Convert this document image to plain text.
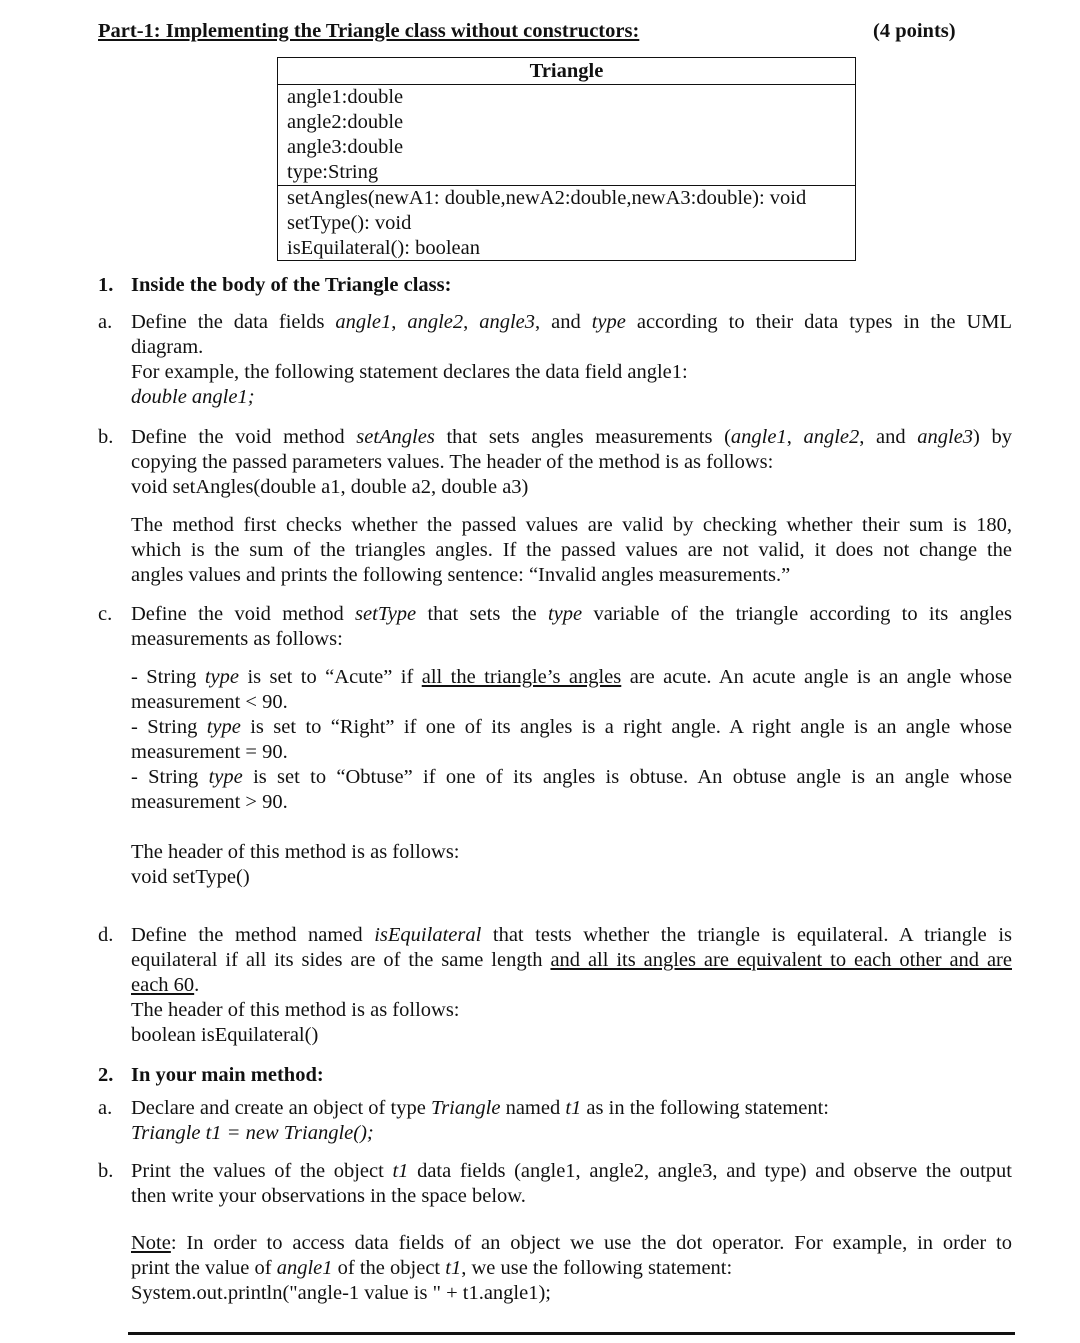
Part-1: Implementing the Triangle class without constructors:	(4 points)
Triangle
angle1:double
angle2:double
angle3:double
type:String
setAngles(newA1: double,newA2:double,newA3:double): void
setType(): void
isEquilateral(): boolean
1. Inside the body of the Triangle class:
a. Define the data fields angle1, angle2, angle3, and type according to their data types in the UML
diagram.
For example, the following statement declares the data field angle1:
double angle1;
b. Define the void method setAngles that sets angles measurements (angle1, angle2, and angle3) by
copying the passed parameters values. The header of the method is as follows:
void setAngles(double a1, double a2, double a3)
The method first checks whether the passed values are valid by checking whether their sum is 180,
which is the sum of the triangles angles. If the passed values are not valid, it does not change the
angles values and prints the following sentence: “Invalid angles measurements.”
c. Define the void method setType that sets the type variable of the triangle according to its angles
measurements as follows:
- String type is set to “Acute” if all the triangle’s angles are acute. An acute angle is an angle whose
measurement < 90.
- String type is set to “Right” if one of its angles is a right angle. A right angle is an angle whose
measurement = 90.
- String type is set to “Obtuse” if one of its angles is obtuse. An obtuse angle is an angle whose
measurement > 90.
The header of this method is as follows:
void setType()
d. Define the method named isEquilateral that tests whether the triangle is equilateral. A triangle is
equilateral if all its sides are of the same length and all its angles are equivalent to each other and are
each 60.
The header of this method is as follows:
boolean isEquilateral()
2. In your main method:
a. Declare and create an object of type Triangle named t1 as in the following statement:
Triangle t1 = new Triangle();
b. Print the values of the object t1 data fields (angle1, angle2, angle3, and type) and observe the output
then write your observations in the space below.
Note: In order to access data fields of an object we use the dot operator. For example, in order to
print the value of angle1 of the object t1, we use the following statement:
System.out.println("angle-1 value is " + t1.angle1);
